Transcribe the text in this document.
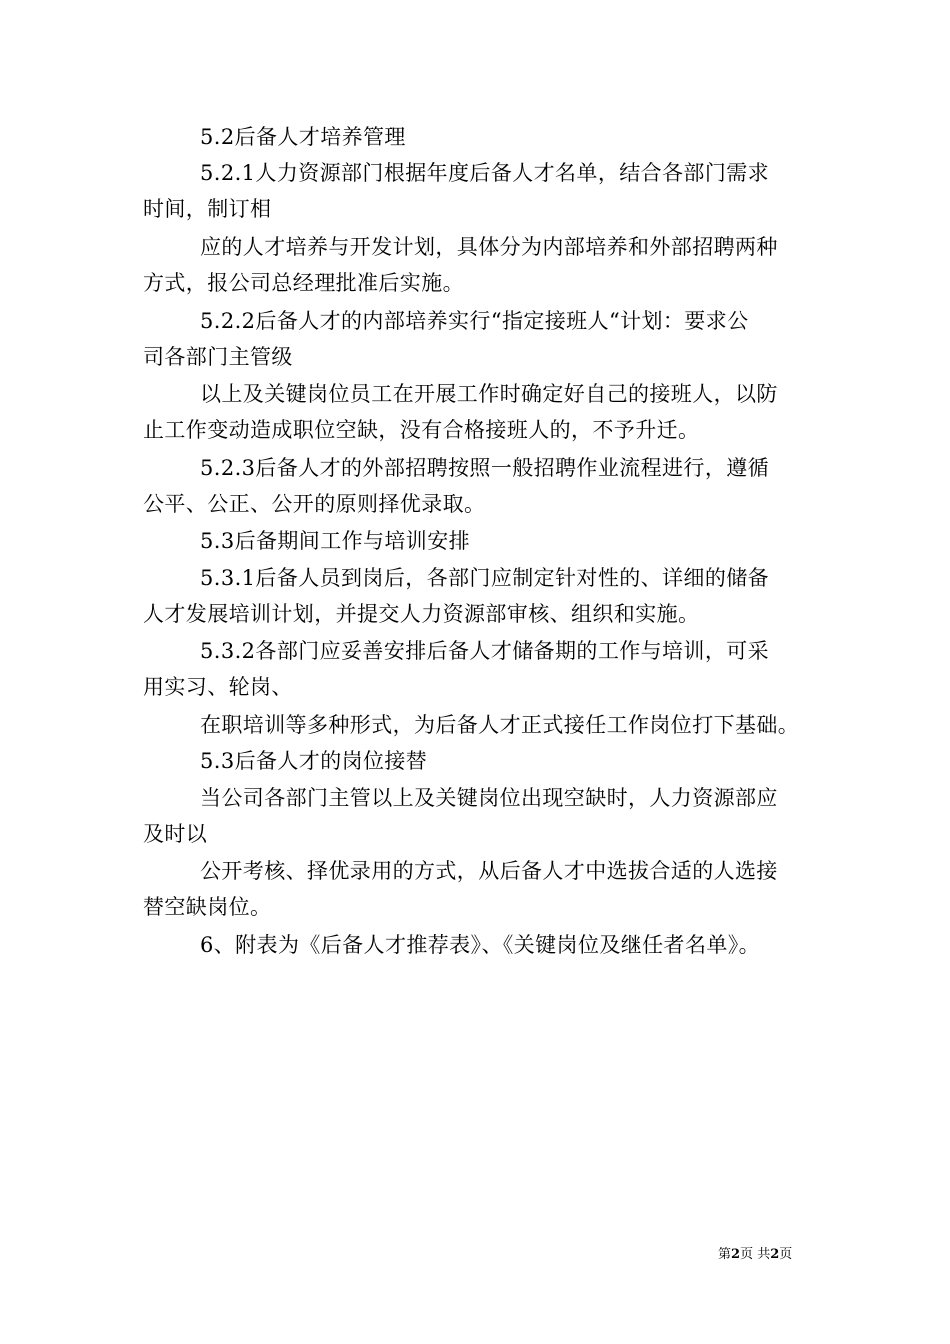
5.2后备人才培养管理
5.2.1人力资源部门根据年度后备人才名单，结合各部门需求
时间，制订相
应的人才培养与开发计划，具体分为内部培养和外部招聘两种
方式，报公司总经理批准后实施。
5.2.2后备人才的内部培养实行“指定接班人“计划：要求公
司各部门主管级
以上及关键岗位员工在开展工作时确定好自己的接班人，以防
止工作变动造成职位空缺，没有合格接班人的，不予升迁。
5.2.3后备人才的外部招聘按照一般招聘作业流程进行，遵循
公平、公正、公开的原则择优录取。
5.3后备期间工作与培训安排
5.3.1后备人员到岗后，各部门应制定针对性的、详细的储备
人才发展培训计划，并提交人力资源部审核、组织和实施。
5.3.2各部门应妥善安排后备人才储备期的工作与培训，可采
用实习、轮岗、
在职培训等多种形式，为后备人才正式接任工作岗位打下基础。
5.3后备人才的岗位接替
当公司各部门主管以上及关键岗位出现空缺时，人力资源部应
及时以
公开考核、择优录用的方式，从后备人才中选拔合适的人选接
替空缺岗位。
6、附表为《后备人才推荐表》、《关键岗位及继任者名单》。
第2页 共2页
